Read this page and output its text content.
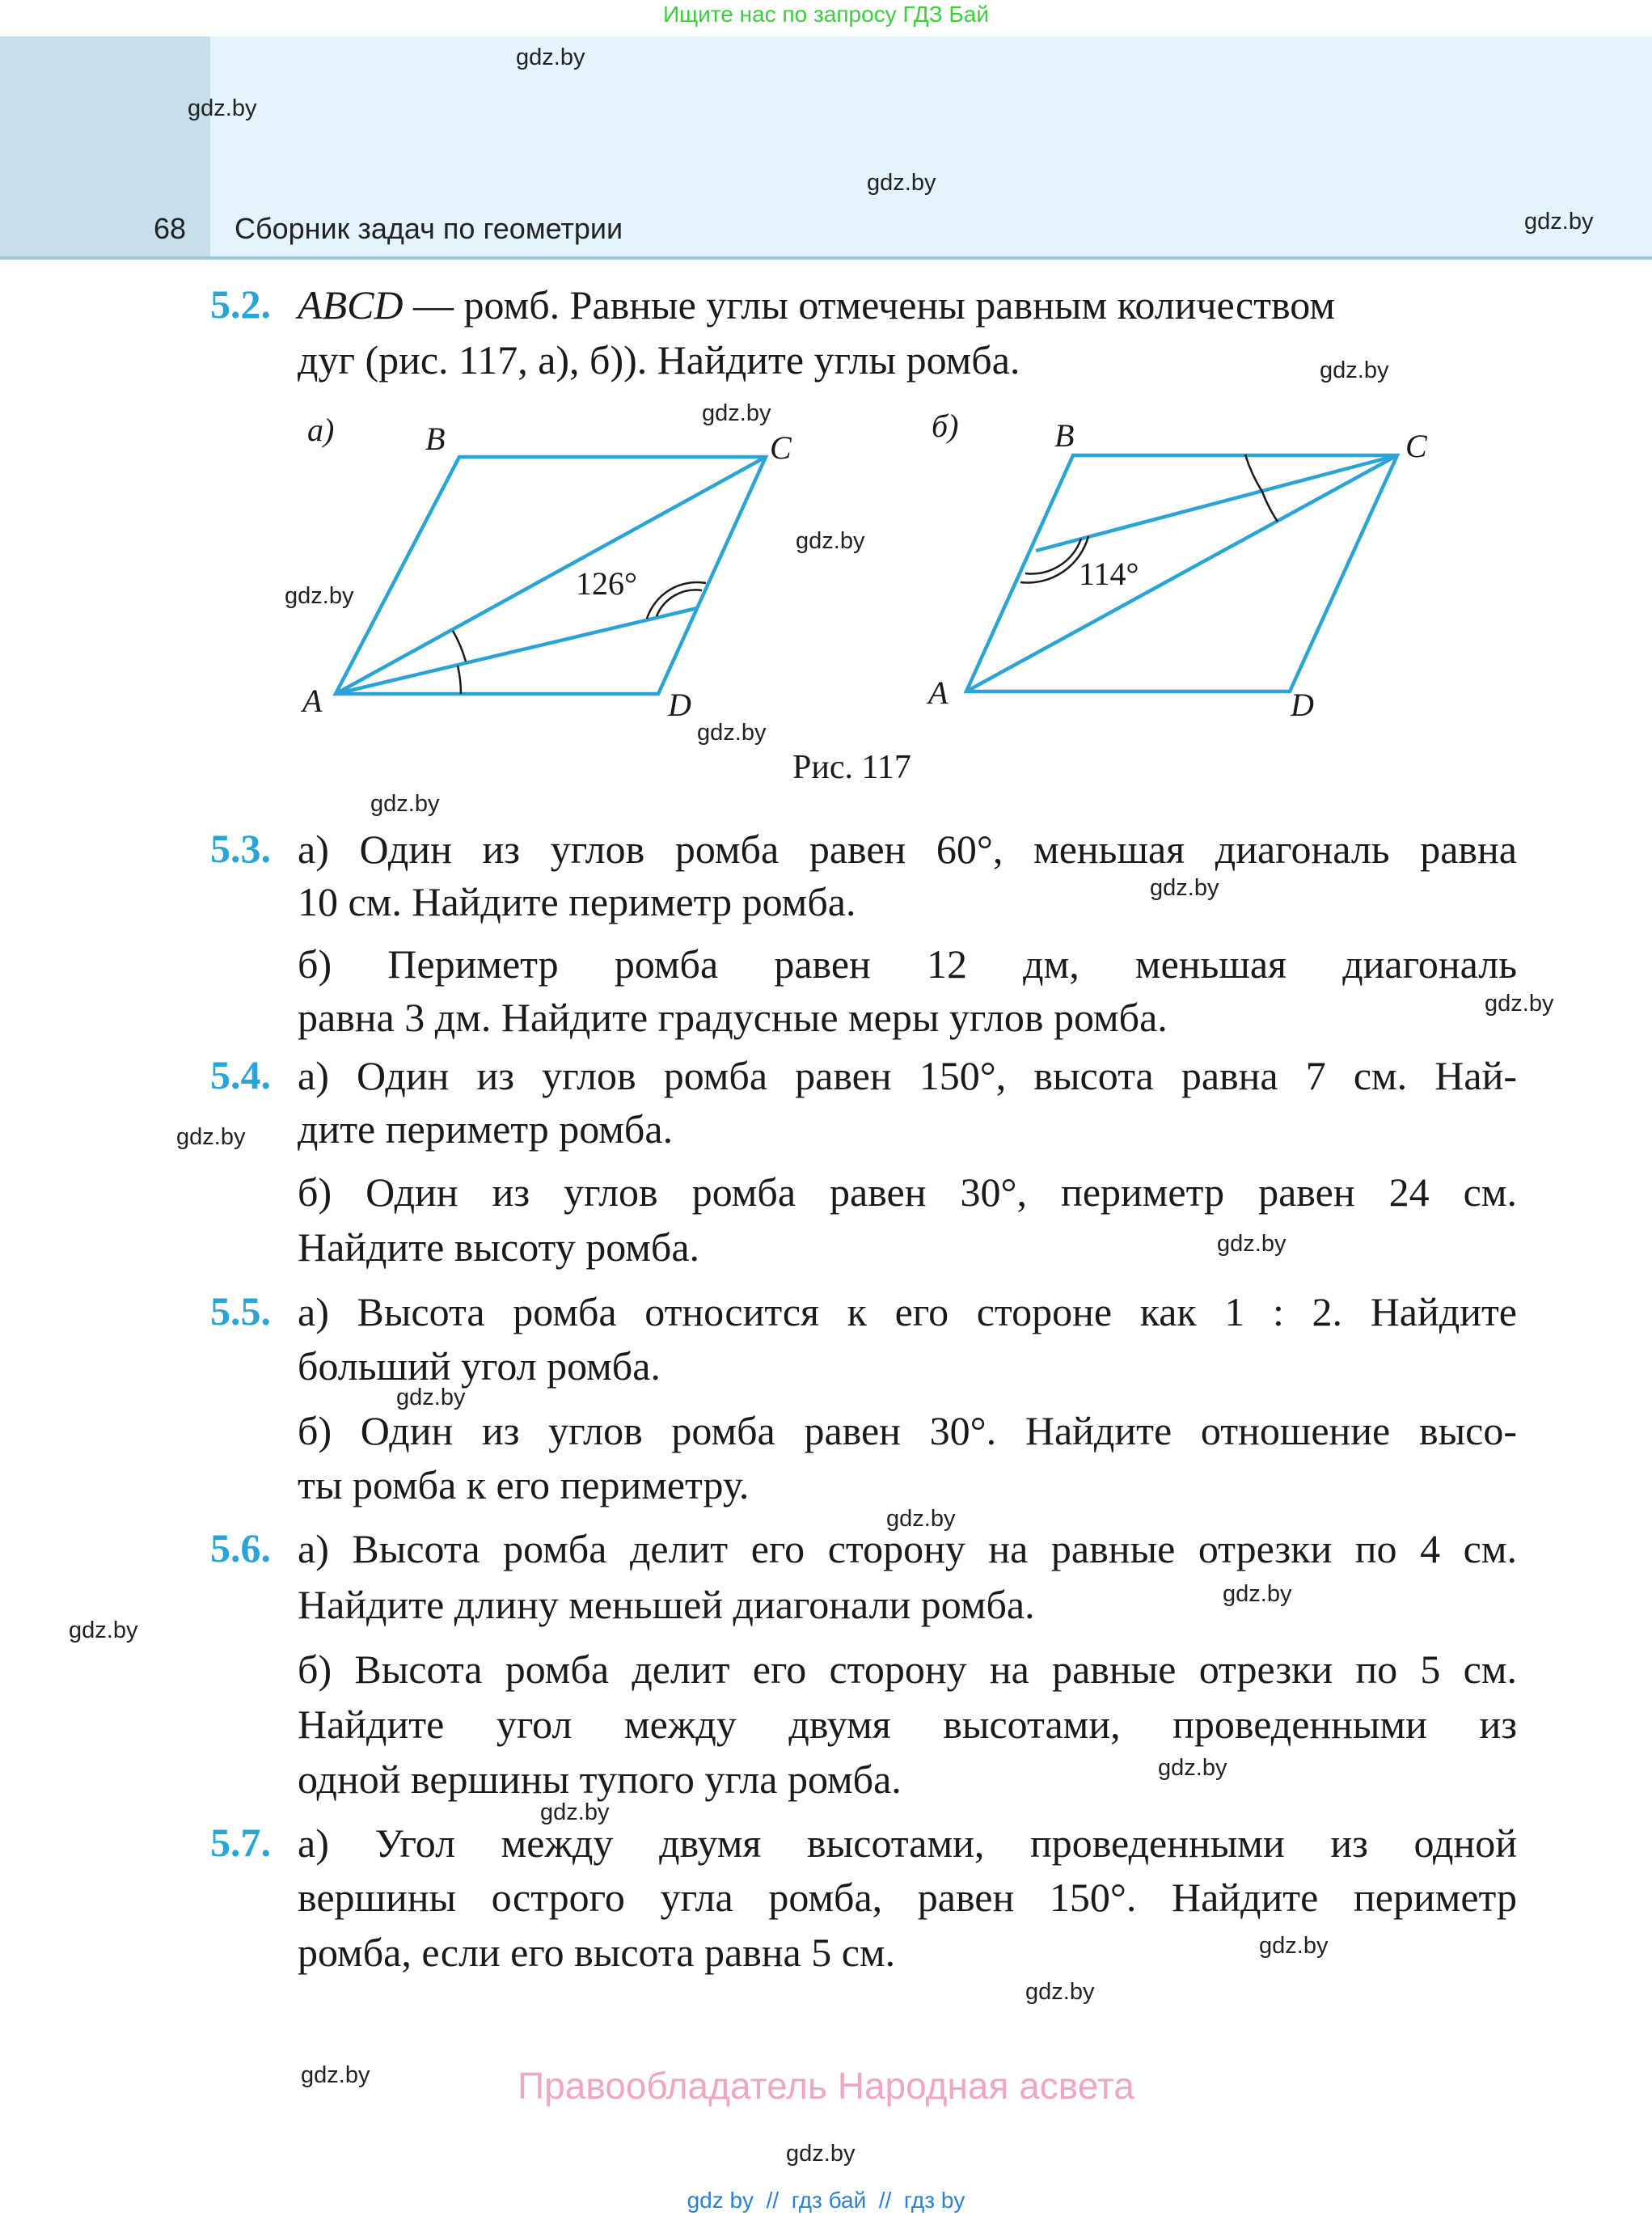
Ищите нас по запросу ГДЗ Бай
68 Сборник задач по геометрии
gdz.by
gdz.by
gdz.by
gdz.by
gdz.by
gdz.by
gdz.by
gdz.by
gdz.by
gdz.by
gdz.by
gdz.by
gdz.by
gdz.by
gdz.by
gdz.by
gdz.by
gdz.by
gdz.by
gdz.by
gdz.by
gdz.by
gdz.by
gdz.by
5.2. ABCD — ромб. Равные углы отмечены равным количеством
дуг (рис. 117, а), б)). Найдите углы ромба.
а)	B	C
A	D
126°
б)	B	C
A	D
114°
Рис. 117
5.3. а) Один из углов ромба равен 60°, меньшая диагональ равна
10 см. Найдите периметр ромба.
б) Периметр ромба равен 12 дм, меньшая диагональ
равна 3 дм. Найдите градусные меры углов ромба.
5.4. а) Один из углов ромба равен 150°, высота равна 7 см. Най-
дите периметр ромба.
б) Один из углов ромба равен 30°, периметр равен 24 см.
Найдите высоту ромба.
5.5. а) Высота ромба относится к его стороне как 1 : 2. Найдите
больший угол ромба.
б) Один из углов ромба равен 30°. Найдите отношение высо-
ты ромба к его периметру.
5.6. а) Высота ромба делит его сторону на равные отрезки по 4 см.
Найдите длину меньшей диагонали ромба.
б) Высота ромба делит его сторону на равные отрезки по 5 см.
Найдите угол между двумя высотами, проведенными из
одной вершины тупого угла ромба.
5.7. а) Угол между двумя высотами, проведенными из одной
вершины острого угла ромба, равен 150°. Найдите периметр
ромба, если его высота равна 5 см.
Правообладатель Народная асвета
gdz by  //  гдз бай  //  гдз by
